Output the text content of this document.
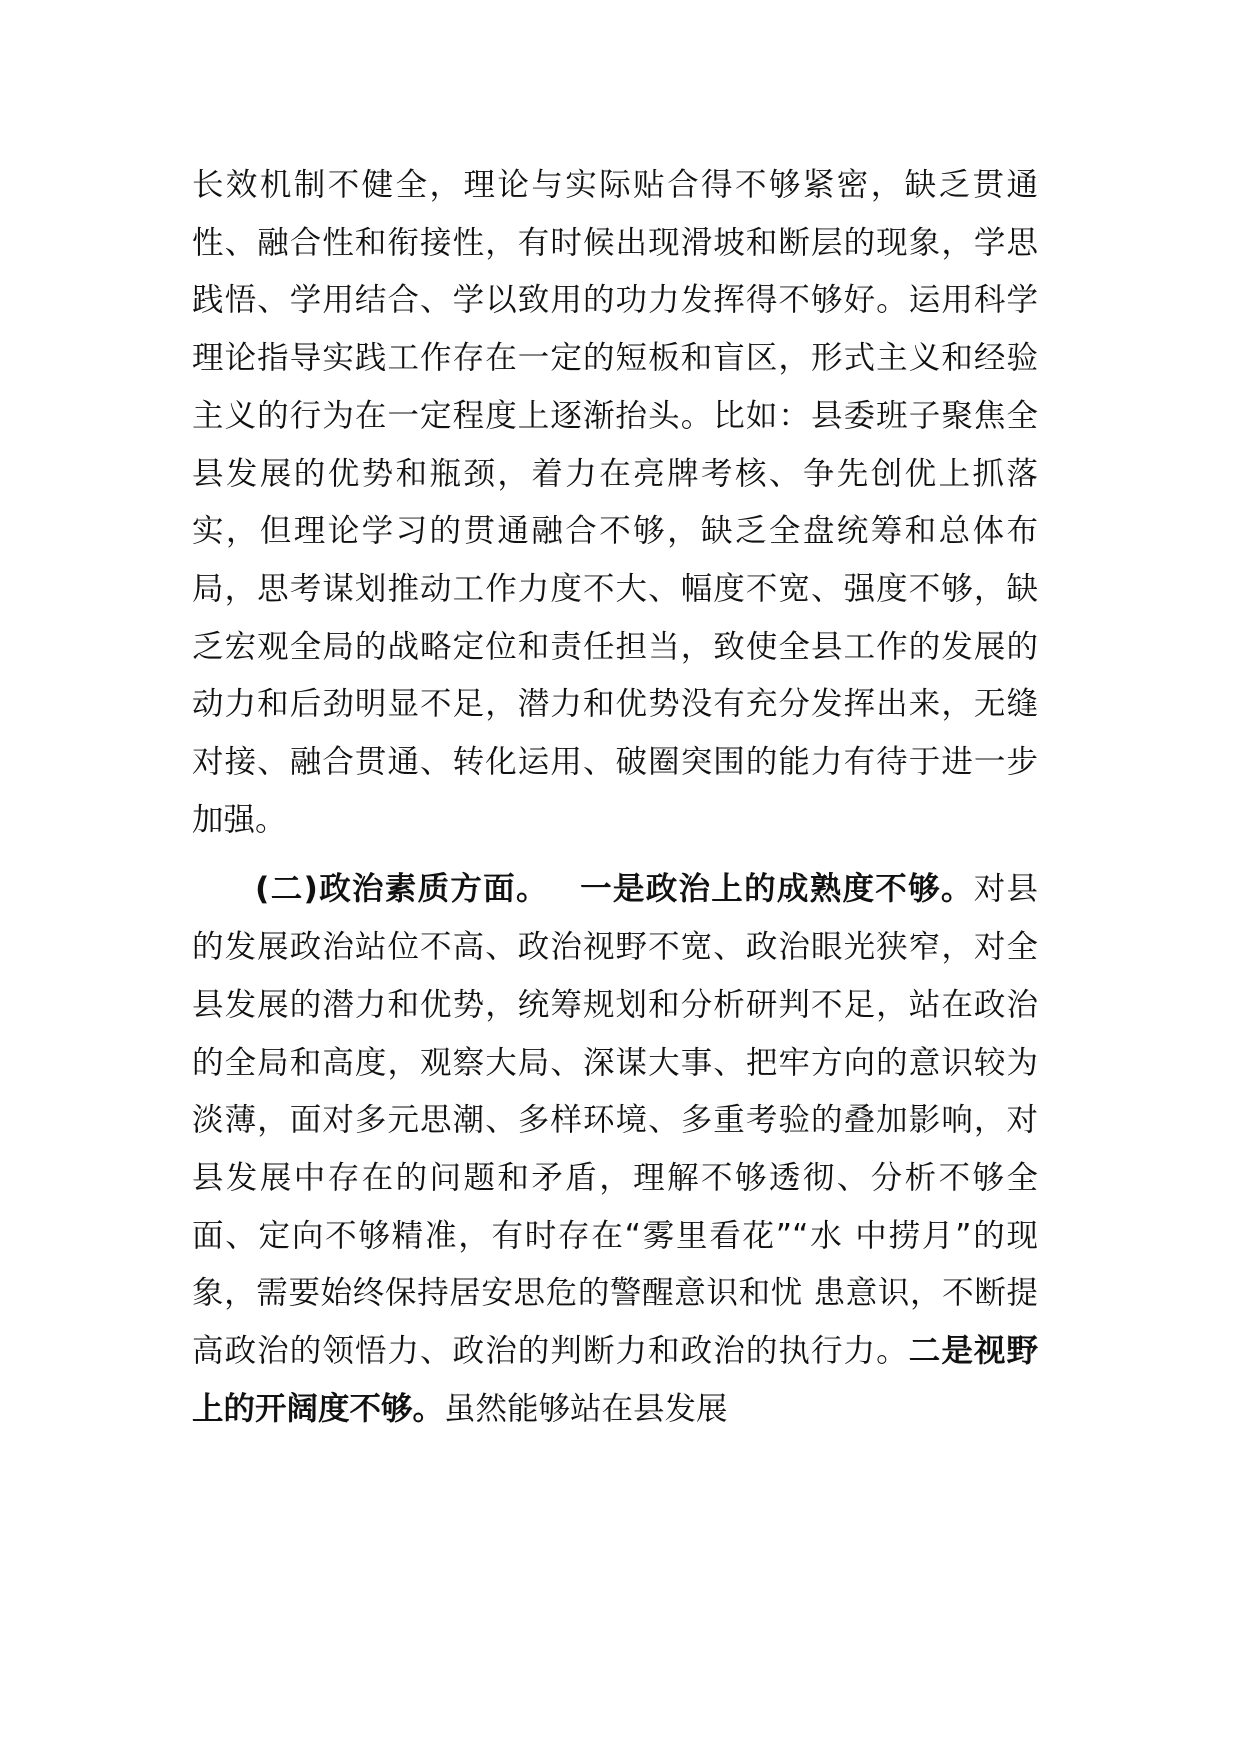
长效机制不健全，理论与实际贴合得不够紧密，缺乏贯通性、融合性和衔接性，有时候出现滑坡和断层的现象，学思践悟、学用结合、学以致用的功力发挥得不够好。运用科学理论指导实践工作存在一定的短板和盲区，形式主义和经验主义的行为在一定程度上逐渐抬头。比如：县委班子聚焦全县发展的优势和瓶颈，着力在亮牌考核、争先创优上抓落实，但理论学习的贯通融合不够，缺乏全盘统筹和总体布局，思考谋划推动工作力度不大、幅度不宽、强度不够，缺乏宏观全局的战略定位和责任担当，致使全县工作的发展的动力和后劲明显不足，潜力和优势没有充分发挥出来，无缝对接、融合贯通、转化运用、破圈突围的能力有待于进一步加强。

(二)政治素质方面。 一是政治上的成熟度不够。对县的发展政治站位不高、政治视野不宽、政治眼光狭窄，对全县发展的潜力和优势，统筹规划和分析研判不足，站在政治的全局和高度，观察大局、深谋大事、把牢方向的意识较为淡薄，面对多元思潮、多样环境、多重考验的叠加影响，对县发展中存在的问题和矛盾，理解不够透彻、分析不够全面、定向不够精准，有时存在“雾里看花”“水 中捞月”的现象，需要始终保持居安思危的警醒意识和忧 患意识，不断提高政治的领悟力、政治的判断力和政治的执行力。二是视野上的开阔度不够。虽然能够站在县发展
